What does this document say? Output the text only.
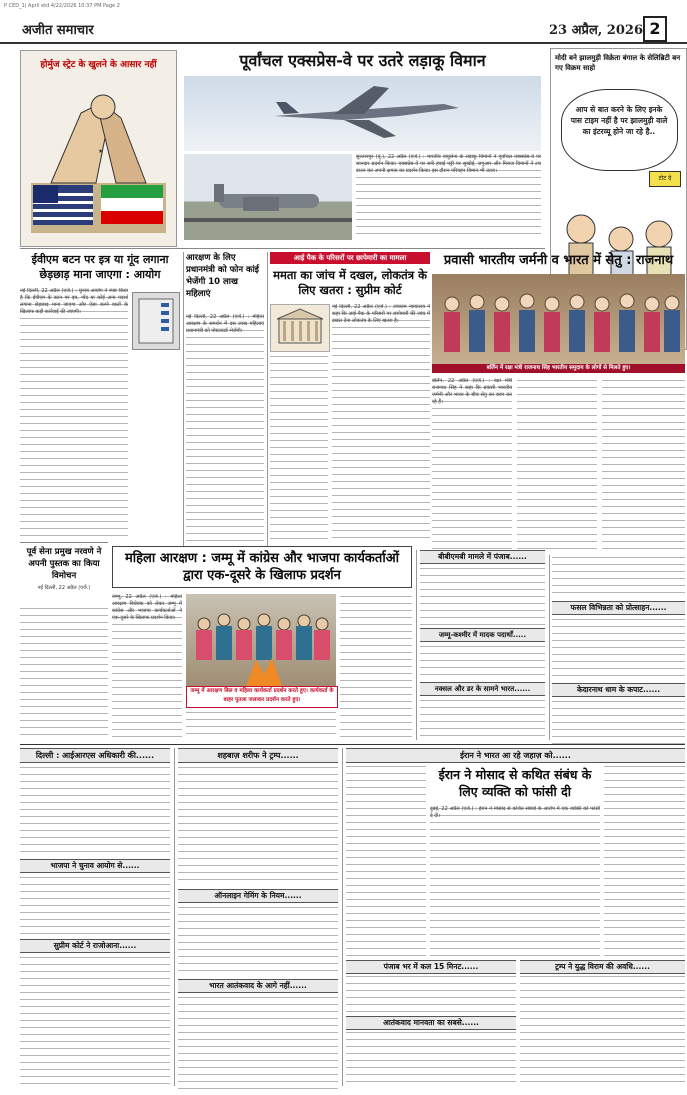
P CED_1| April etd 4/22/2026 10:37 PM Page 2
अजीत समाचार	23 अप्रैल, 2026 2
होर्मुज स्ट्रेट के खुलने के आसार नहीं
★
पूर्वांचल एक्सप्रेस-वे पर उतरे लड़ाकू विमान
सुल्तानपुर (यूं.), 22 अप्रैल (एजें.) : भारतीय वायुसेना के लड़ाकू विमानों ने पूर्वांचल एक्सप्रेस-वे पर शानदार प्रदर्शन किया। एक्सप्रेस-वे पर बनी हवाई पट्टी पर सुखोई, जगुआर और मिराज विमानों ने टच डाउन कर अपनी क्षमता का प्रदर्शन किया। इस दौरान परिवहन विमान भी उतरा।
मोदी बने झालमुड़ी विक्रेता बंगाल के सेलिब्रिटी बन गए विक्रम साहो
आप से बात करने के लिए इनके पास टाइम नहीं है पर झालमुड़ी वाले का इंटरव्यू होने जा रहे है..
टोट दे
ईवीएम बटन पर इत्र या गूंद लगाना छेड़छाड़ माना जाएगा : आयोग
नई दिल्ली, 22 अप्रैल (एजें.) : चुनाव आयोग ने स्पष्ट किया है कि ईवीएम के बटन पर इत्र, गोंद या कोई अन्य पदार्थ लगाना छेड़छाड़ माना जाएगा और ऐसा करने वालों के खिलाफ कड़ी कार्रवाई की जाएगी।
आरक्षण के लिए प्रधानमंत्री को फोन कांई भेजेंगी 10 लाख महिलाएं
नई दिल्ली, 22 अप्रैल (एजें.) : महिला आरक्षण के समर्थन में दस लाख महिलाएं प्रधानमंत्री को पोस्टकार्ड भेजेंगी।
आई पैक के परिसरों पर छापेमारी का मामला
ममता का जांच में दखल, लोकतंत्र के लिए खतरा : सुप्रीम कोर्ट
नई दिल्ली, 22 अप्रैल (एजें.) : उच्चतम न्यायालय ने कहा कि आई-पैक के परिसरों पर छापेमारी की जांच में दखल देना लोकतंत्र के लिए खतरा है।
प्रवासी भारतीय जर्मनी व भारत में सेतु : राजनाथ
बर्लिन में रक्षा मंत्री राजनाथ सिंह भारतीय समुदाय के लोगों से मिलते हुए।
बर्लिन, 22 अप्रैल (एजें.) : रक्षा मंत्री राजनाथ सिंह ने कहा कि प्रवासी भारतीय जर्मनी और भारत के बीच सेतु का काम कर रहे हैं।
पूर्व सेना प्रमुख नरवणे ने अपनी पुस्तक का किया विमोचन
नई दिल्ली, 22 अप्रैल (एजें.)
महिला आरक्षण : जम्मू में कांग्रेस और भाजपा कार्यकर्ताओं द्वारा एक-दूसरे के खिलाफ प्रदर्शन
जम्मू, 22 अप्रैल (एजें.) : महिला आरक्षण विधेयक को लेकर जम्मू में कांग्रेस और भाजपा कार्यकर्ताओं ने एक-दूसरे के खिलाफ प्रदर्शन किया।
जम्मू में आरक्षण बिल व महिला कार्यकर्ता प्रदर्शन करते हुए। कार्यकर्ता के बाहर पुतला जलाकर प्रदर्शन करते हुए।
बीबीएमबी मामले में पंजाब......
जम्मू-कश्मीर में मादक पदार्थों.....
नक्सल और डर के सामने भारत......
फसल विभिन्नता को प्रोत्साहन......
केदारनाथ धाम के कपाट......
दिल्ली : आईआरएस अधिकारी की......
भाजपा ने चुनाव आयोग से......
सुप्रीम कोर्ट ने राजोआना......
शहबाज़ शरीफ ने ट्रम्प......
ऑनलाइन गेमिंग के नियम......
भारत आतंकवाद के आगे नहीं......
ईरान ने भारत आ रहे जहाज़ को......
ईरान ने मोसाद से कथित संबंध के लिए व्यक्ति को फांसी दी
दुबई, 22 अप्रैल (एजें.) : ईरान ने मोसाद से कथित संबंधों के आरोप में एक व्यक्ति को फांसी दे दी।
पंजाब भर में कल 15 मिनट......
आतंकवाद मानवता का सबसे......
ट्रम्प ने युद्ध विराम की अवधि......
